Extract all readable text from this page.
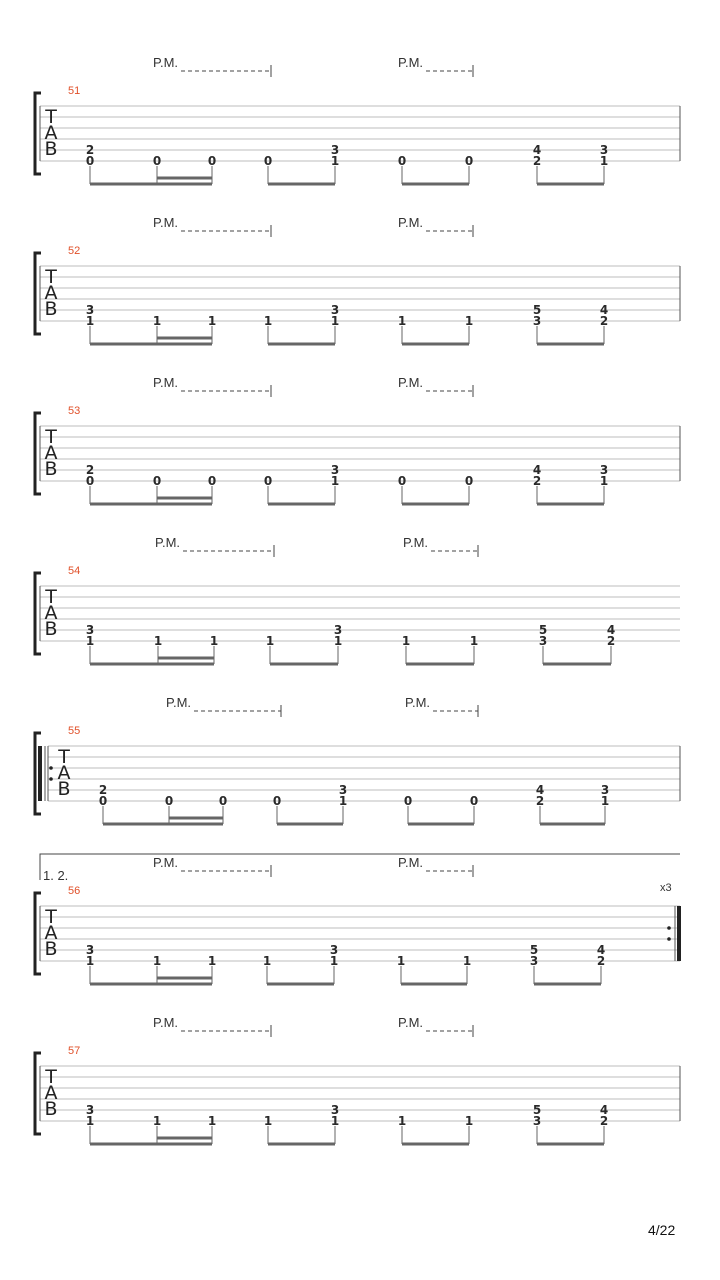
T
A
B
51
P.M.	P.M.
2
0	0	0	0
3
1	0	0
4
2
3
1
T
A
B
52
P.M.	P.M.
3
1	1	1	1
3
1	1	1
5
3
4
2
T
A
B
53
P.M.	P.M.
2
0	0	0	0
3
1	0	0
4
2
3
1
T
A
B
54
P.M.	P.M.
3
1	1	1	1
3
1	1	1
5
3
4
2
T
A
B
55
P.M.	P.M.
2
0	0	0	0
3
1	0	0
4
2
3
1
x3
1. 2.
T
A
B
56
P.M.	P.M.
3
1	1	1	1
3
1	1	1
5
3
4
2
T
A
B
57
P.M.	P.M.
3
1	1	1	1
3
1	1	1
5
3
4
2
4/22
